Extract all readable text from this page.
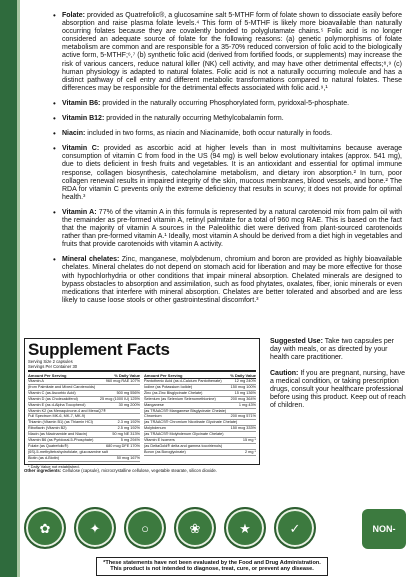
• Folate: provided as Quatrefolic®, a glucosamine salt 5-MTHF form of folate shown to dissociate easily before absorption and raise plasma folate levels.⁴ This form of 5-MTHF is likely more bioavailable than naturally occurring folates because they are covalently bonded to polyglutamate chains.⁵ Folic acid is no longer considered an adequate source of folate for the following reasons: (a) genetic polymorphisms of folate metabolism are common and are responsible for a 35-70% reduced conversion of folic acid to the biologically active form, 5-MTHF;⁶,⁷ (b) synthetic folic acid (derived from fortified foods, or supplements) may increase the risk of various cancers, reduce natural killer (NK) cell activity, and may have other detrimental effects;⁸,⁹ (c) human physiology is adapted to natural folates. Folic acid is not a naturally occurring molecule and has a distinct pathway of cell entry and different metabolic transformations compared to natural folates. These differences may be responsible for the detrimental effects associated with folic acid.⁹,¹
• Vitamin B6: provided in the naturally occurring Phosphorylated form, pyridoxal-5-phosphate.
• Vitamin B12: provided in the naturally occurring Methylcobalamin form.
• Niacin: included in two forms, as niacin and Niacinamide, both occur naturally in foods.
• Vitamin C: provided as ascorbic acid at higher levels than in most multivitamins because average consumption of vitamin C from food in the US (94 mg) is well below evolutionary intakes (approx. 541 mg), due to diets deficient in fresh fruits and vegetables. It is an antioxidant and essential for optimal immune response, collagen biosynthesis, catecholamine metabolism, and dietary iron absorption.² In turn, poor collagen renewal results in impaired integrity of the skin, mucous membranes, blood vessels, and bone.² The RDA for vitamin C prevents only the extreme deficiency that results in scurvy; it does not provide for optimal health.³
• Vitamin A: 77% of the vitamin A in this formula is represented by a natural carotenoid mix from palm oil with the remainder as pre-formed vitamin A, retinyl palmitate for a total of 960 mcg RAE. This is based on the fact that the majority of vitamin A sources in the Paleolithic diet were derived from plant-sourced carotenoids rather than pre-formed vitamin A.¹ Ideally, most vitamin A should be derived from a diet high in vegetables and fruits that provide carotenoids with vitamin A activity.
• Mineral chelates: Zinc, manganese, molybdenum, chromium and boron are provided as highly bioavailable chelates. Mineral chelates do not depend on stomach acid for liberation and may be more effective for those with hypochlorhydria or other conditions that impair mineral absorption. Chelated minerals are designed to bypass obstacles to absorption and assimilation, such as food phytates, oxalates, fiber, ionic minerals or even medications that interfere with mineral absorption. Chelates are better tolerated and absorbed and are less likely to cause loose stools or other gastrointestinal discomfort.³
Supplement Facts
Serving Size 2 capsules
Servings Per Container 30
Amount Per Serving	% Daily Value
Vitamin A	960 mcg RAE 107%
(from Palmitate and Mixed Carotenoids)
Vitamin C (as Ascorbic Acid)	500 mg 556%
Vitamin D (as Cholecalciferol)	25 mcg (1000 IU) 125%
Vitamin E (as d-Alpha Tocopherol)	30 mg 200%
Vitamin K2 (as Menaquinone-4 and MenaQ7®
Full Spectrum MK-6, MK-7, MK-9)
Thiamin (Vitamin B1) (as Thiamin HCl)	2.3 mg 192%
Riboflavin (Vitamin B2)	2.5 mg 192%
Niacin (as Niacinamide and Niacin)	50 mg NE 313%
Vitamin B6 (as Pyridoxal-5-Phosphate)	5 mg 294%
Folate (as Quatrefolic®)	680 mcg DFE 170%
(6S)-5-methyltetrahydrofolate, glucosamine salt
Biotin (as d-Biotin)	50 mcg 167%
Amount Per Serving	% Daily Value
Pantothenic Acid (as d-Calcium Pantothenate)	12 mg 240%
Iodine (as Potassium Iodide)	150 mcg 100%
Zinc (as Zinc Bisglycinate Chelate)	15 mg 136%
Selenium (as Selenium Selenomethionine)	200 mcg 364%
Manganese	1 mg 43%
(as TRAACS® Manganese Bisglycinate Chelate)
Chromium	200 mcg 571%
(as TRAACS® Chromium Nicotinate Glycinate Chelate)
Molybdenum	150 mcg 333%
(as TRAACS® Molybdenum Glycinate Chelate)
Vitamin E Isomers	15 mg *
(as DeltaGold® delta and gamma tocotrienols)
Boron (as Boroglycinate)	2 mg *
* Daily Value not established.
Other ingredients: Cellulose (capsule), microcrystalline cellulose, vegetable stearate, silicon dioxide.

Suggested Use: Take two capsules per day with meals, or as directed by your health care practitioner.

Caution: If you are pregnant, nursing, have a medical condition, or taking prescription drugs, consult your healthcare professional before using this product. Keep out of reach of children.

✿	✦	○	❀	★	✓	NON-GMO
*These statements have not been evaluated by the Food and Drug Administration.
This product is not intended to diagnose, treat, cure, or prevent any disease.
